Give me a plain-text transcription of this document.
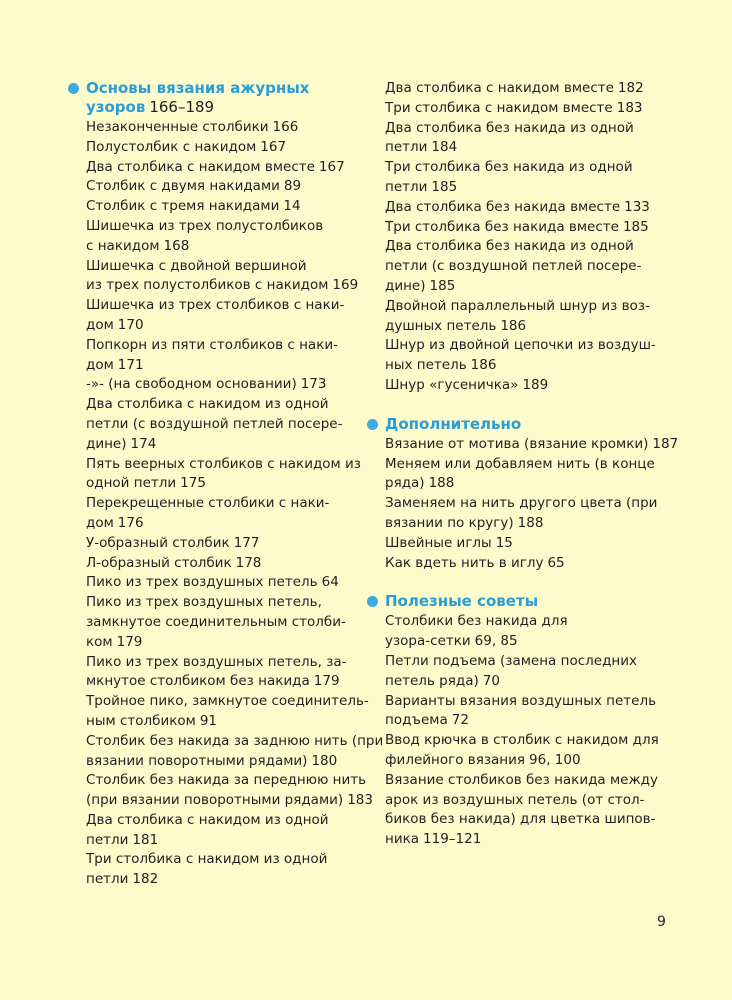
Основы вязания ажурных
узоров 166–189
Незаконченные столбики 166
Полустолбик с накидом 167
Два столбика с накидом вместе 167
Столбик с двумя накидами 89
Столбик с тремя накидами 14
Шишечка из трех полустолбиков
с накидом 168
Шишечка с двойной вершиной
из трех полустолбиков с накидом 169
Шишечка из трех столбиков с наки-
дом 170
Попкорн из пяти столбиков с наки-
дом 171
-»- (на свободном основании) 173
Два столбика с накидом из одной
петли (с воздушной петлей посере-
дине) 174
Пять веерных столбиков с накидом из
одной петли 175
Перекрещенные столбики с наки-
дом 176
У-образный столбик 177
Л-образный столбик 178
Пико из трех воздушных петель 64
Пико из трех воздушных петель,
замкнутое соединительным столби-
ком 179
Пико из трех воздушных петель, за-
мкнутое столбиком без накида 179
Тройное пико, замкнутое соединитель-
ным столбиком 91
Столбик без накида за заднюю нить (при
вязании поворотными рядами) 180
Столбик без накида за переднюю нить
(при вязании поворотными рядами) 183
Два столбика с накидом из одной
петли 181
Три столбика с накидом из одной
петли 182
Два столбика с накидом вместе 182
Три столбика с накидом вместе 183
Два столбика без накида из одной
петли 184
Три столбика без накида из одной
петли 185
Два столбика без накида вместе 133
Три столбика без накида вместе 185
Два столбика без накида из одной
петли (с воздушной петлей посере-
дине) 185
Двойной параллельный шнур из воз-
душных петель 186
Шнур из двойной цепочки из воздуш-
ных петель 186
Шнур «гусеничка» 189
Дополнительно
Вязание от мотива (вязание кромки) 187
Меняем или добавляем нить (в конце
ряда) 188
Заменяем на нить другого цвета (при
вязании по кругу) 188
Швейные иглы 15
Как вдеть нить в иглу 65
Полезные советы
Столбики без накида для
узора-сетки 69, 85
Петли подъема (замена последних
петель ряда) 70
Варианты вязания воздушных петель
подъема 72
Ввод крючка в столбик с накидом для
филейного вязания 96, 100
Вязание столбиков без накида между
арок из воздушных петель (от стол-
биков без накида) для цветка шипов-
ника 119–121
9
